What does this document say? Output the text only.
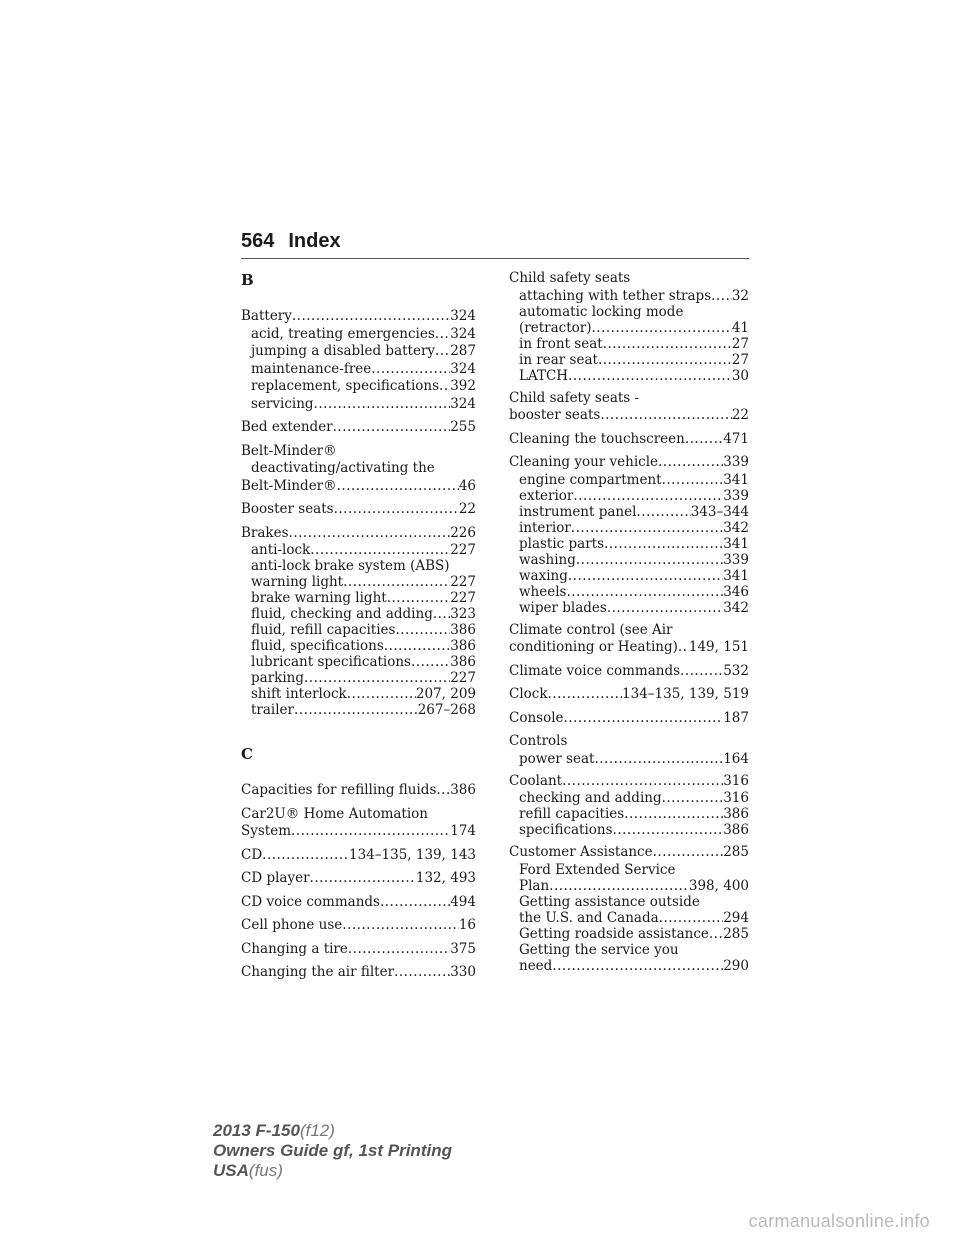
564 Index
B
Battery .....	324
acid, treating emergencies ..... 324
jumping a disabled battery ..... 287
maintenance-free .....	324
replacement, specifications ..... 392
servicing .....	324
Bed extender .....	255
Belt-Minder®
deactivating/activating the
Belt-Minder® .....	46
Booster seats .....	22
Brakes .....	226
anti-lock .....	227
anti-lock brake system (ABS)
warning light .....	227
brake warning light .....	227
fluid, checking and adding ..... 323
fluid, refill capacities .....	386
fluid, specifications .....	386
lubricant specifications .....	386
parking .....	227
shift interlock .....	207, 209
trailer .....	267–268
C
Capacities for refilling fluids ..... 386
Car2U® Home Automation
System .....	174
CD .....	134–135, 139, 143
CD player .....	132, 493
CD voice commands .....	494
Cell phone use .....	16
Changing a tire .....	375
Changing the air filter .....	330
Child safety seats
attaching with tether straps ..... 32
automatic locking mode
(retractor) .....	41
in front seat .....	27
in rear seat .....	27
LATCH .....	30
Child safety seats -
booster seats .....	22
Cleaning the touchscreen .....	471
Cleaning your vehicle .....	339
engine compartment .....	341
exterior .....	339
instrument panel .....	343–344
interior .....	342
plastic parts .....	341
washing .....	339
waxing .....	341
wheels .....	346
wiper blades .....	342
Climate control (see Air
conditioning or Heating) ..... 149, 151
Climate voice commands .....	532
Clock .....	134–135, 139, 519
Console .....	187
Controls
power seat .....	164
Coolant .....	316
checking and adding .....	316
refill capacities .....	386
specifications .....	386
Customer Assistance .....	285
Ford Extended Service
Plan .....	398, 400
Getting assistance outside
the U.S. and Canada .....	294
Getting roadside assistance ..... 285
Getting the service you
need .....	290
2013 F-150(f12)
Owners Guide gf, 1st Printing
USA(fus)
carmanualsonline.info
